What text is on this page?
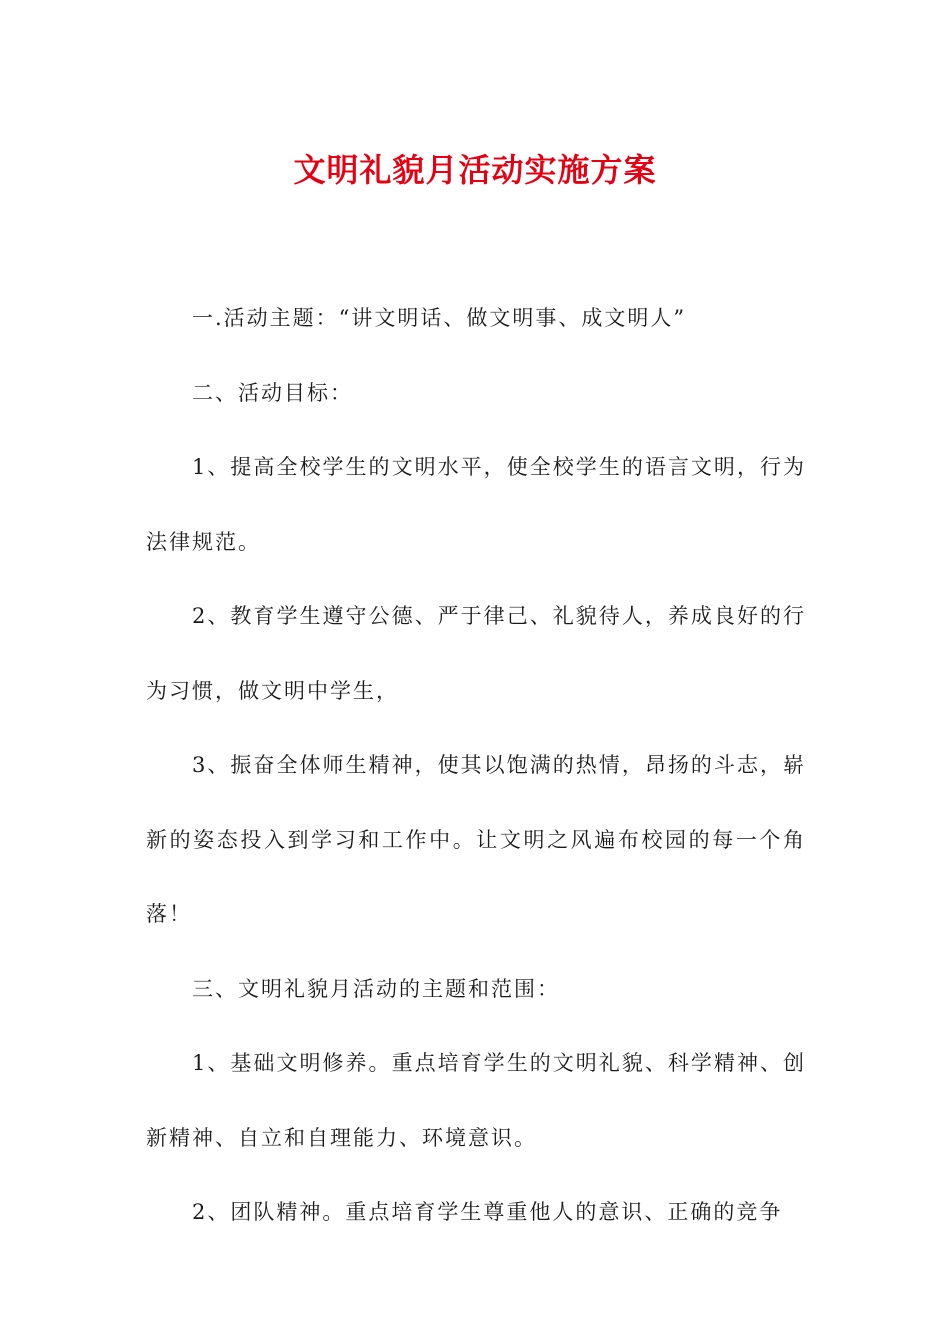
文明礼貌月活动实施方案

一.活动主题：“讲文明话、做文明事、成文明人”

二、活动目标：

1、提高全校学生的文明水平，使全校学生的语言文明，行为法律规范。

2、教育学生遵守公德、严于律己、礼貌待人，养成良好的行为习惯，做文明中学生，

3、振奋全体师生精神，使其以饱满的热情，昂扬的斗志，崭新的姿态投入到学习和工作中。让文明之风遍布校园的每一个角落！

三、文明礼貌月活动的主题和范围：

1、基础文明修养。重点培育学生的文明礼貌、科学精神、创新精神、自立和自理能力、环境意识。

2、团队精神。重点培育学生尊重他人的意识、正确的竞争
